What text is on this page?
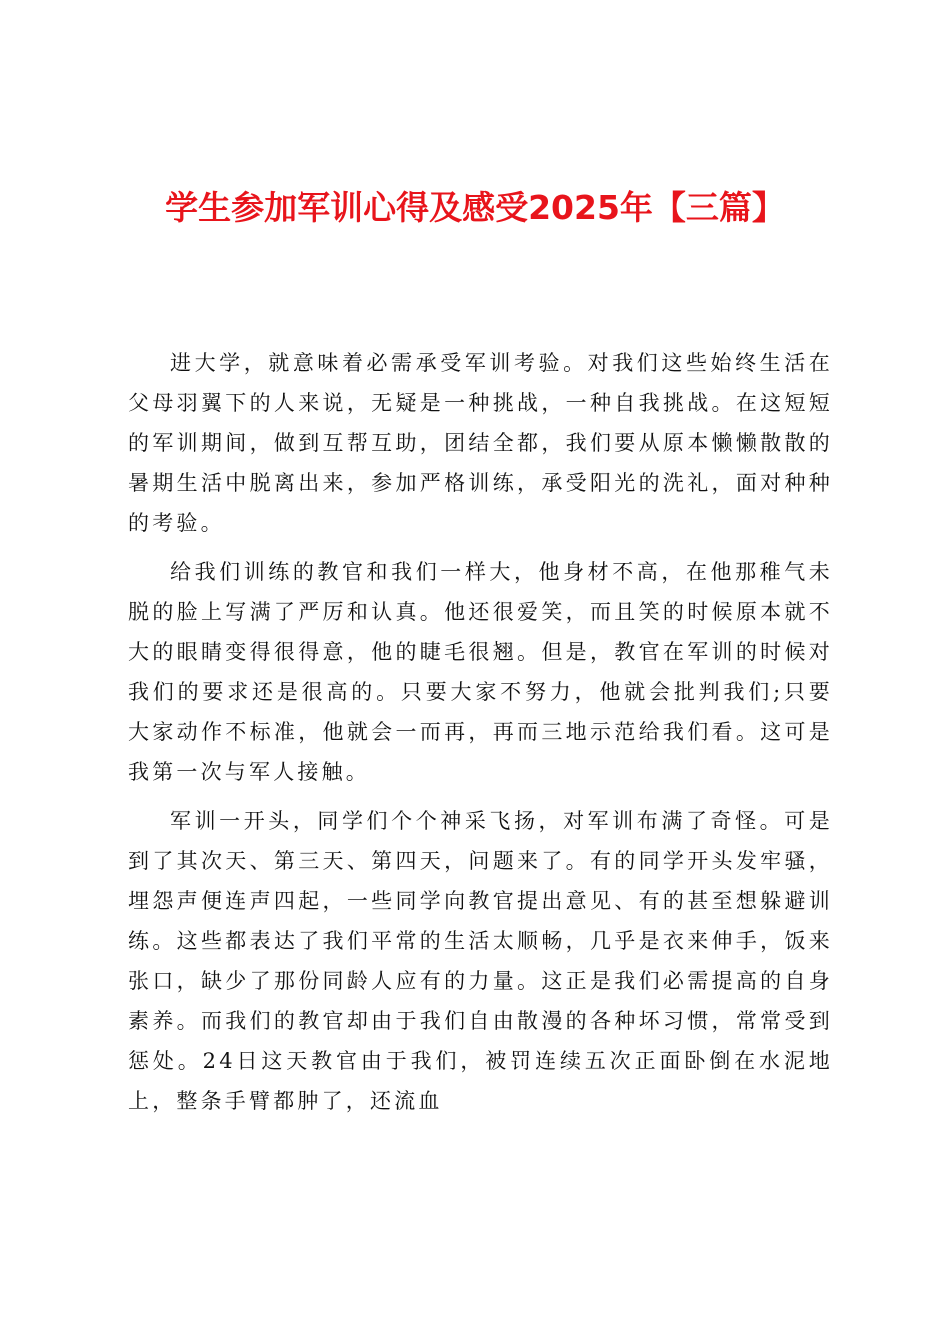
学生参加军训心得及感受2025年【三篇】

进大学，就意味着必需承受军训考验。对我们这些始终生活在父母羽翼下的人来说，无疑是一种挑战，一种自我挑战。在这短短的军训期间，做到互帮互助，团结全都，我们要从原本懒懒散散的暑期生活中脱离出来，参加严格训练，承受阳光的洗礼，面对种种的考验。

给我们训练的教官和我们一样大，他身材不高，在他那稚气未脱的脸上写满了严厉和认真。他还很爱笑，而且笑的时候原本就不大的眼睛变得很得意，他的睫毛很翘。但是，教官在军训的时候对我们的要求还是很高的。只要大家不努力，他就会批判我们;只要大家动作不标准，他就会一而再，再而三地示范给我们看。这可是我第一次与军人接触。

军训一开头，同学们个个神采飞扬，对军训布满了奇怪。可是到了其次天、第三天、第四天，问题来了。有的同学开头发牢骚，埋怨声便连声四起，一些同学向教官提出意见、有的甚至想躲避训练。这些都表达了我们平常的生活太顺畅，几乎是衣来伸手，饭来张口，缺少了那份同龄人应有的力量。这正是我们必需提高的自身素养。而我们的教官却由于我们自由散漫的各种坏习惯，常常受到惩处。24日这天教官由于我们，被罚连续五次正面卧倒在水泥地上，整条手臂都肿了，还流血
